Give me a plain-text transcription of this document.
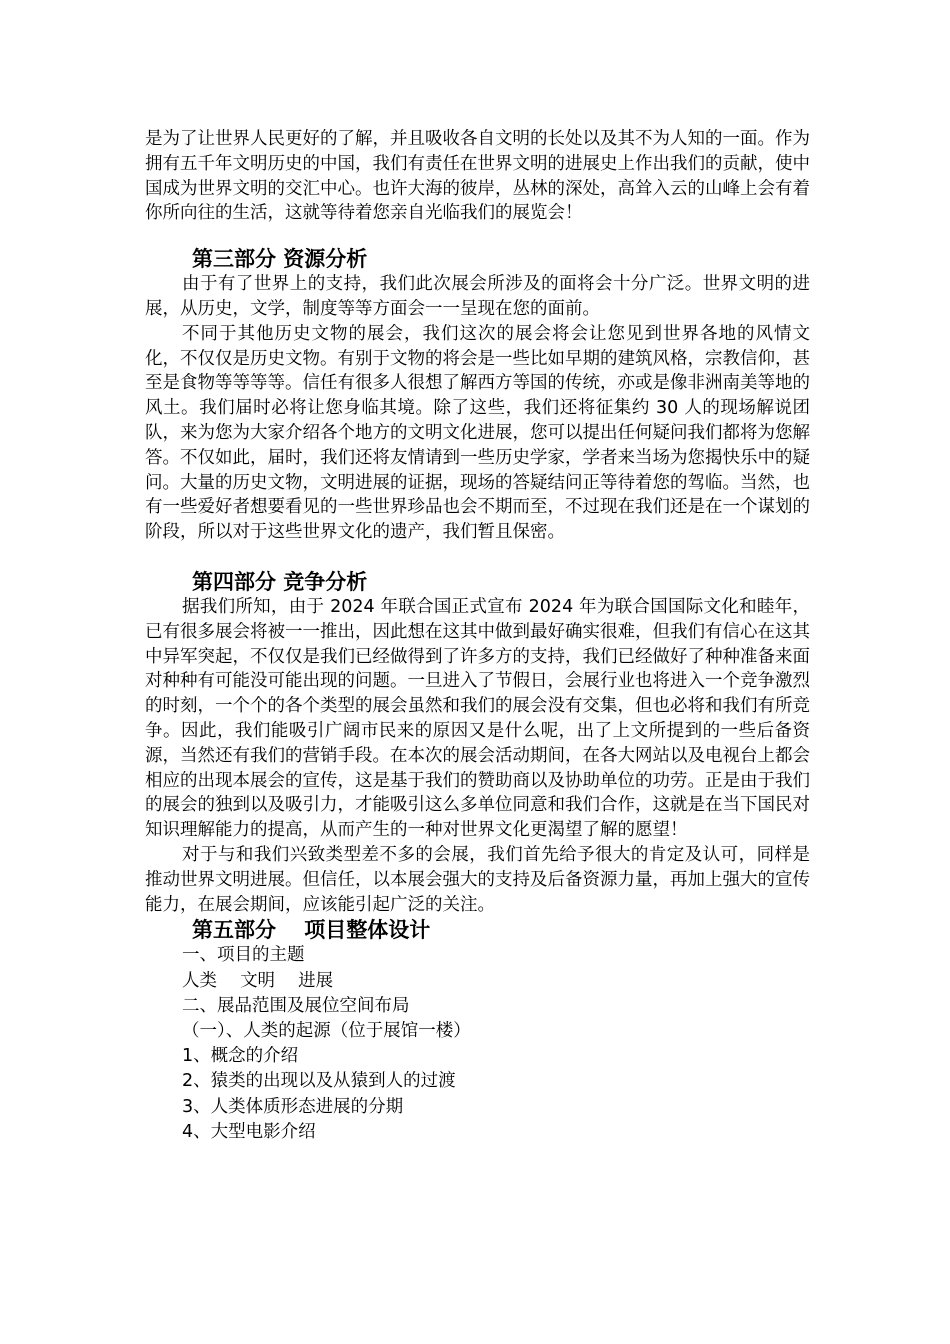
是为了让世界人民更好的了解，并且吸收各自文明的长处以及其不为人知的一面。作为拥有五千年文明历史的中国，我们有责任在世界文明的进展史上作出我们的贡献，使中国成为世界文明的交汇中心。也许大海的彼岸，丛林的深处，高耸入云的山峰上会有着你所向往的生活，这就等待着您亲自光临我们的展览会！

第三部分 资源分析

由于有了世界上的支持，我们此次展会所涉及的面将会十分广泛。世界文明的进展，从历史，文学，制度等等方面会一一呈现在您的面前。

不同于其他历史文物的展会，我们这次的展会将会让您见到世界各地的风情文化，不仅仅是历史文物。有别于文物的将会是一些比如早期的建筑风格，宗教信仰，甚至是食物等等等等。信任有很多人很想了解西方等国的传统，亦或是像非洲南美等地的风土。我们届时必将让您身临其境。除了这些，我们还将征集约 30 人的现场解说团队，来为您为大家介绍各个地方的文明文化进展，您可以提出任何疑问我们都将为您解答。不仅如此，届时，我们还将友情请到一些历史学家，学者来当场为您揭快乐中的疑问。大量的历史文物，文明进展的证据，现场的答疑结问正等待着您的驾临。当然，也有一些爱好者想要看见的一些世界珍品也会不期而至，不过现在我们还是在一个谋划的阶段，所以对于这些世界文化的遗产，我们暂且保密。

第四部分 竞争分析

据我们所知，由于 2024 年联合国正式宣布 2024 年为联合国国际文化和睦年，已有很多展会将被一一推出，因此想在这其中做到最好确实很难，但我们有信心在这其中异军突起，不仅仅是我们已经做得到了许多方的支持，我们已经做好了种种准备来面对种种有可能没可能出现的问题。一旦进入了节假日，会展行业也将进入一个竞争激烈的时刻，一个个的各个类型的展会虽然和我们的展会没有交集，但也必将和我们有所竞争。因此，我们能吸引广阔市民来的原因又是什么呢，出了上文所提到的一些后备资源，当然还有我们的营销手段。在本次的展会活动期间，在各大网站以及电视台上都会相应的出现本展会的宣传，这是基于我们的赞助商以及协助单位的功劳。正是由于我们的展会的独到以及吸引力，才能吸引这么多单位同意和我们合作，这就是在当下国民对知识理解能力的提高，从而产生的一种对世界文化更渴望了解的愿望！

对于与和我们兴致类型差不多的会展，我们首先给予很大的肯定及认可，同样是推动世界文明进展。但信任，以本展会强大的支持及后备资源力量，再加上强大的宣传能力，在展会期间，应该能引起广泛的关注。

第五部分　 项目整体设计

一、项目的主题

人类　 文明　 进展

二、展品范围及展位空间布局

（一）、人类的起源（位于展馆一楼）

1、概念的介绍

2、猿类的出现以及从猿到人的过渡

3、人类体质形态进展的分期

4、大型电影介绍
